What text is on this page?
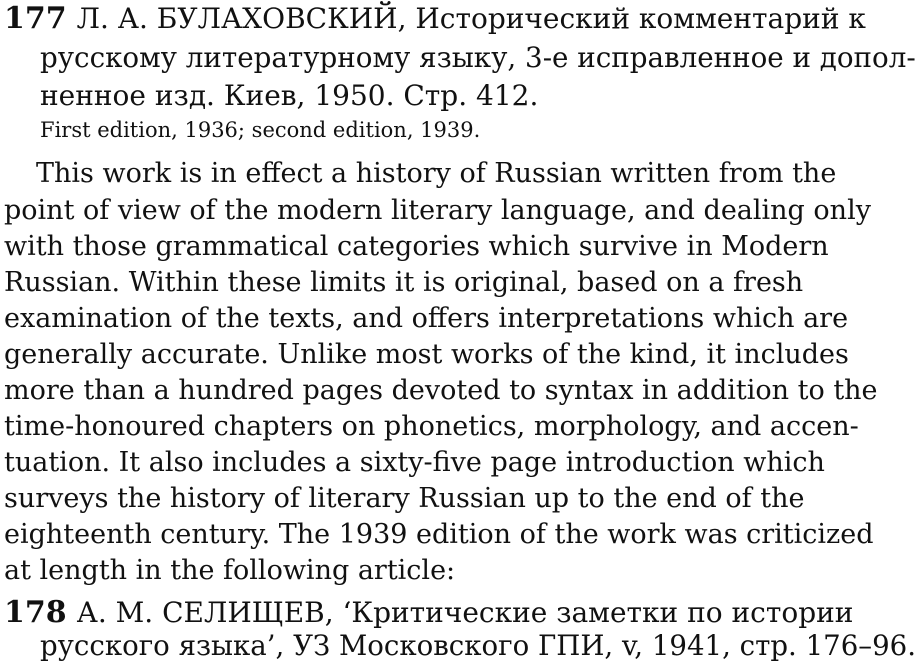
177 Л. А. БУЛАХОВСКИЙ, Исторический комментарий к
русскому литературному языку, 3-е исправленное и допол-
ненное изд. Киев, 1950. Стр. 412.
First edition, 1936; second edition, 1939.
This work is in effect a history of Russian written from the
point of view of the modern literary language, and dealing only
with those grammatical categories which survive in Modern
Russian. Within these limits it is original, based on a fresh
examination of the texts, and offers interpretations which are
generally accurate. Unlike most works of the kind, it includes
more than a hundred pages devoted to syntax in addition to the
time-honoured chapters on phonetics, morphology, and accen-
tuation. It also includes a sixty-five page introduction which
surveys the history of literary Russian up to the end of the
eighteenth century. The 1939 edition of the work was criticized
at length in the following article:
178 А. М. СЕЛИЩЕВ, ‘Критические заметки по истории
русского языка’, УЗ Московского ГПИ, v, 1941, стр. 176–96.
